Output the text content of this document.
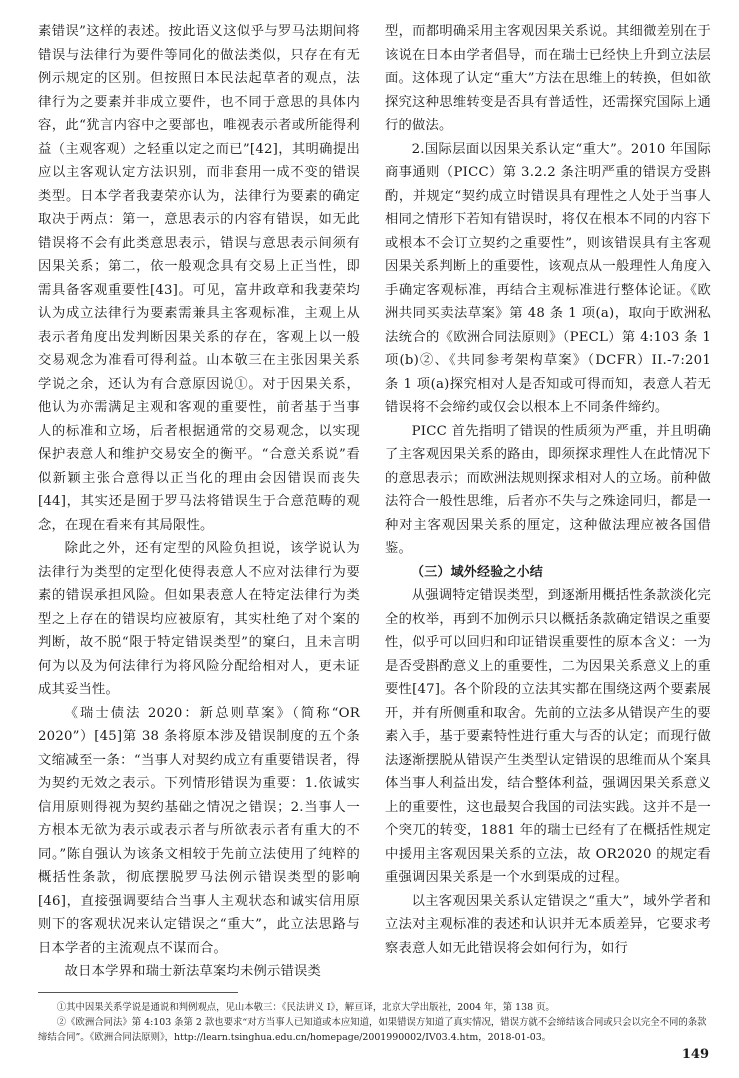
素错误”这样的表述。按此语义这似乎与罗马法期间将错误与法律行为要件等同化的做法类似，只存在有无例示规定的区别。但按照日本民法起草者的观点，法律行为之要素并非成立要件，也不同于意思的具体内容，此“犹言内容中之要部也，唯视表示者或所能得利益（主观客观）之轻重以定之而已”[42]，其明确提出应以主客观认定方法识别，而非套用一成不变的错误类型。日本学者我妻荣亦认为，法律行为要素的确定取决于两点：第一，意思表示的内容有错误，如无此错误将不会有此类意思表示，错误与意思表示间须有因果关系；第二，依一般观念具有交易上正当性，即需具备客观重要性[43]。可见，富井政章和我妻荣均认为成立法律行为要素需兼具主客观标准，主观上从表示者角度出发判断因果关系的存在，客观上以一般交易观念为准看可得利益。山本敬三在主张因果关系学说之余，还认为有合意原因说①。对于因果关系，他认为亦需满足主观和客观的重要性，前者基于当事人的标准和立场，后者根据通常的交易观念，以实现保护表意人和维护交易安全的衡平。“合意关系说”看似新颖主张合意得以正当化的理由会因错误而丧失[44]，其实还是囿于罗马法将错误生于合意范畴的观念，在现在看来有其局限性。

除此之外，还有定型的风险负担说，该学说认为法律行为类型的定型化使得表意人不应对法律行为要素的错误承担风险。但如果表意人在特定法律行为类型之上存在的错误均应被原宥，其实杜绝了对个案的判断，故不脱“限于特定错误类型”的窠臼，且未言明何为以及为何法律行为将风险分配给相对人，更未证成其妥当性。

《瑞士债法 2020：新总则草案》（简称“OR 2020”）[45]第 38 条将原本涉及错误制度的五个条文缩减至一条：“当事人对契约成立有重要错误者，得为契约无效之表示。下列情形错误为重要：1.依诚实信用原则得视为契约基础之情况之错误；2.当事人一方根本无欲为表示或表示者与所欲表示者有重大的不同。”陈自强认为该条文相较于先前立法使用了纯粹的概括性条款，彻底摆脱罗马法例示错误类型的影响[46]，直接强调要结合当事人主观状态和诚实信用原则下的客观状况来认定错误之“重大”，此立法思路与日本学者的主流观点不谋而合。

故日本学界和瑞士新法草案均未例示错误类

型，而都明确采用主客观因果关系说。其细微差别在于该说在日本由学者倡导，而在瑞士已经快上升到立法层面。这体现了认定“重大”方法在思维上的转换，但如欲探究这种思维转变是否具有普适性，还需探究国际上通行的做法。

2.国际层面以因果关系认定“重大”。2010 年国际商事通则（PICC）第 3.2.2 条注明严重的错误方受斟酌，并规定“契约成立时错误具有理性之人处于当事人相同之情形下若知有错误时，将仅在根本不同的内容下或根本不会订立契约之重要性”，则该错误具有主客观因果关系判断上的重要性，该观点从一般理性人角度入手确定客观标准，再结合主观标准进行整体论证。《欧洲共同买卖法草案》第 48 条 1 项(a)，取向于欧洲私法统合的《欧洲合同法原则》（PECL）第 4:103 条 1 项(b)②、《共同参考架构草案》（DCFR）II.-7:201 条 1 项(a)探究相对人是否知或可得而知，表意人若无错误将不会缔约或仅会以根本上不同条件缔约。

PICC 首先指明了错误的性质须为严重，并且明确了主客观因果关系的路由，即须探求理性人在此情况下的意思表示；而欧洲法规则探求相对人的立场。前种做法符合一般性思维，后者亦不失与之殊途同归，都是一种对主客观因果关系的厘定，这种做法理应被各国借鉴。

（三）域外经验之小结

从强调特定错误类型，到逐渐用概括性条款淡化完全的枚举，再到不加例示只以概括条款确定错误之重要性，似乎可以回归和印证错误重要性的原本含义：一为是否受斟酌意义上的重要性，二为因果关系意义上的重要性[47]。各个阶段的立法其实都在围绕这两个要素展开，并有所侧重和取舍。先前的立法多从错误产生的要素入手，基于要素特性进行重大与否的认定；而现行做法逐渐摆脱从错误产生类型认定错误的思维而从个案具体当事人利益出发，结合整体利益，强调因果关系意义上的重要性，这也最契合我国的司法实践。这并不是一个突兀的转变，1881 年的瑞士已经有了在概括性规定中援用主客观因果关系的立法，故 OR2020 的规定看重强调因果关系是一个水到渠成的过程。

以主客观因果关系认定错误之“重大”，域外学者和立法对主观标准的表述和认识并无本质差异，它要求考察表意人如无此错误将会如何行为，如行

①其中因果关系学说是通说和判例观点，见山本敬三：《民法讲义 I》，解亘译，北京大学出版社，2004 年，第 138 页。

②《欧洲合同法》第 4:103 条第 2 款也要求“对方当事人已知道或本应知道，如果错误方知道了真实情况，错误方就不会缔结该合同或只会以完全不同的条款缔结合同”。《欧洲合同法原则》，http://learn.tsinghua.edu.cn/homepage/2001990002/IV03.4.htm，2018-01-03。

149
